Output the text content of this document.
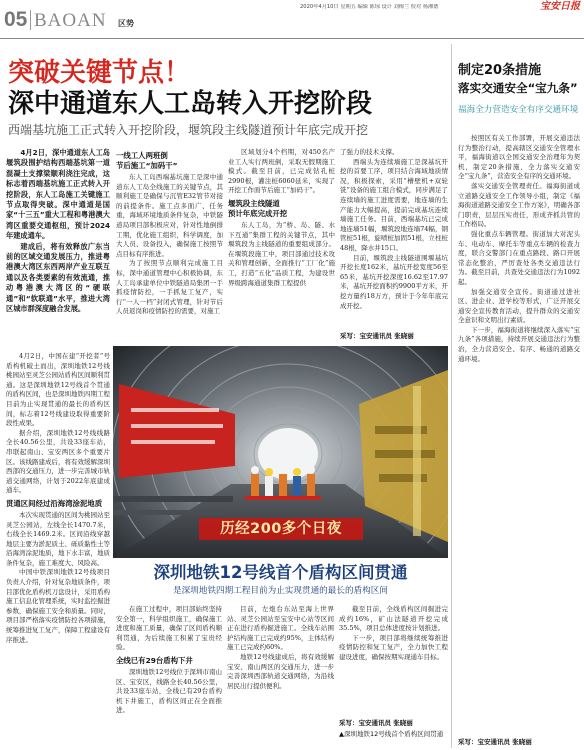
05 BAOAN 区势
2020年4月10日 星期五 编辑 陈琼 设计 刘梅兰 校对 杨湘德	宝安日报
突破关键节点！
深中通道东人工岛转入开挖阶段
西端基坑施工正式转入开挖阶段，堰筑段主线隧道预计年底完成开挖

4月2日，深中通道东人工岛堰筑段围护结构西端基坑第一道混凝土支撑梁顺利浇注完成，这标志着西端基坑施工正式转入开挖阶段，东人工岛施工关键施工节点取得突破。深中通道是国家“十三五”重大工程和粤港澳大湾区重要交通枢纽，预计2024年建成通车。

建成后，将有效释放广东当前的区域交通发展压力，推进粤港澳大湾区东西两岸产业互联互通以及各类要素的有效流通，推动粤港澳大湾区的“硬联通”和“软联通”水平，推进大湾区城市群深度融合发展。

一线工人两班倒
节后施工“加码干”

东人工岛西端基坑施工是深中通道东人工岛全线施工的关键节点，其顺利施工是确保与沉管E32管节对接的前提条件。施工点多面广、任务重，海域环境地质条件复杂，中铁隧道局项目部积极应对，针对性地倒排工期，优化施工组织，科学调度，加大人员、设备投入，确保施工按照节点目标有序推进。

为了按照节点顺利完成施工目标，深中通道管理中心积极协调，东人工岛承建单位中铁隧道局集团一手抓疫情防控，一手抓复工复产，实行“一人一档”封闭式管理，针对节后人员返岗和疫情防控的需要，对施工

区域划分4个档期，对450名产业工人实行两班倒，采取无假期施工模式。截至目前，已完成钻孔桩2990根，灌注桩6060延米，实现了开挖工作面节后施工“加码干”。

堰筑段主线隧道
预计年底完成开挖

东人工岛，为“桥、岛、隧、水下互通”集群工程的关键节点，其中堰筑段为主线隧道的重要组成部分。在堰筑段施工中，项目部通过技术攻关和管理创新，全面推行“工厂化”施工，打造“五化”品质工程，为建设世界级跨海通道集群工程提供

了强力的技术支撑。

西端头为连续墙施工是深基坑开挖的首要工序，项目结合海域地质情况，积极探索，采用“槽壁机+双轮铣”设备的施工组合模式，同步满足了连续墙的施工进度需要，地连墙的生产能力大幅提高，提前完成基坑连续墙施工任务。目前，西端基坑已完成地连墙51幅，堰筑段地连墙74幅，钢管桩51根，旋喷桩加固51根，立柱桩48根，降水井15口。

目前，堰筑段主线隧道围堰基坑开挖长度162米，基坑开挖宽度56至65米，基坑开挖深度16.62至17.97米，基坑开挖面积约9900平方米，开挖方量约18万方，预计于今年年底完成开挖。

采写：宝安通讯员 张晓丽
历经200多个日夜
深圳地铁12号线首个盾构区间贯通
是深圳地铁四期工程目前为止实现贯通的最长的盾构区间

4月2日，中国在建“开挖者”号盾构机破土而出，深圳地铁12号线桃园站至灵芝公园站盾构区间顺利贯通。这是深圳地铁12号线首个贯通的盾构区间，也是深圳地铁四期工程目前为止实现贯通的最长的盾构区间，标志着12号线建设取得重要阶段性成果。

据介绍，深圳地铁12号线线路全长40.56公里，共设33座车站，串联起南山、宝安两区多个重要片区。该线路建成后，将有效缓解深圳西部的交通压力，进一步完善城市轨道交通网络，计划于2022年底建成通车。

贯通区间经过沿海湾涂泥地质

本次实现贯通的区间为桃园站至灵芝公园站，左线全长1470.7米，右线全长1469.2米。区间沿线穿越地层主要为淤泥质土、砾质黏性土等沿海湾涂泥地质，地下水丰富，地质条件复杂，施工难度大、风险高。

中国中铁深圳地铁12号线项目负责人介绍，针对复杂地质条件，项目部优化盾构机刀盘设计，采用盾构施工信息化管理系统，实时监控掘进参数，确保施工安全和质量。同时，项目部严格落实疫情防控各项措施，统筹推进复工复产，保障工程建设有序推进。

在施工过程中，项目部始终坚持安全第一，科学组织施工，确保施工进度和施工质量，确保了区间盾构顺利贯通，为后续施工积累了宝贵经验。

全线已有29台盾构下井

深圳地铁12号线位于深圳市南山区、宝安区，线路全长40.56公里，共设33座车站，全线已有29台盾构机下井施工，盾构区间正在全面推进。

目前，左炮台东站至海上世界站、灵芝公园站至宝安中心站等区间正在进行盾构掘进施工。全线车站围护结构施工已完成约95%，主体结构施工已完成约60%。

地铁12号线建成后，将有效缓解宝安、南山两区的交通压力，进一步完善深圳西部轨道交通网络，为沿线居民出行提供便利。

截至目前，全线盾构区间掘进完成约16%，矿山法隧道开挖完成35.5%，项目总体进度按计划推进。

下一步，项目部将继续统筹推进疫情防控和复工复产，全力加快工程建设进度，确保按期实现通车目标。

采写：宝安通讯员 张晓丽
▲深圳地铁12号线首个盾构区间贯通
制定20条措施
落实交通安全“宝九条”
福海全力营造安全有序交通环境

按照区有关工作部署，开展交通违法行为整治行动，提高辖区交通安全管理水平，福海街道以全国交通安全治理年为契机，制定20条措施，全力落实交通安全“宝九条”，营造安全有序的交通环境。

落实交通安全管理责任。福海街道成立道路交通安全工作领导小组，制定《福海街道道路交通安全工作方案》，明确各部门职责，层层压实责任，形成齐抓共管的工作格局。

强化重点车辆管理。街道加大对泥头车、电动车、摩托车等重点车辆的检查力度，联合交警部门在重点路段、路口开展常态化整治，严厉查处各类交通违法行为。截至目前，共查处交通违法行为1092起。

加强交通安全宣传。街道通过进社区、进企业、进学校等形式，广泛开展交通安全宣传教育活动，提升群众的交通安全意识和文明出行素质。

下一步，福海街道将继续深入落实“宝九条”各项措施，持续开展交通违法行为整治，全力营造安全、有序、畅通的道路交通环境。

采写：宝安通讯员 张晓丽
